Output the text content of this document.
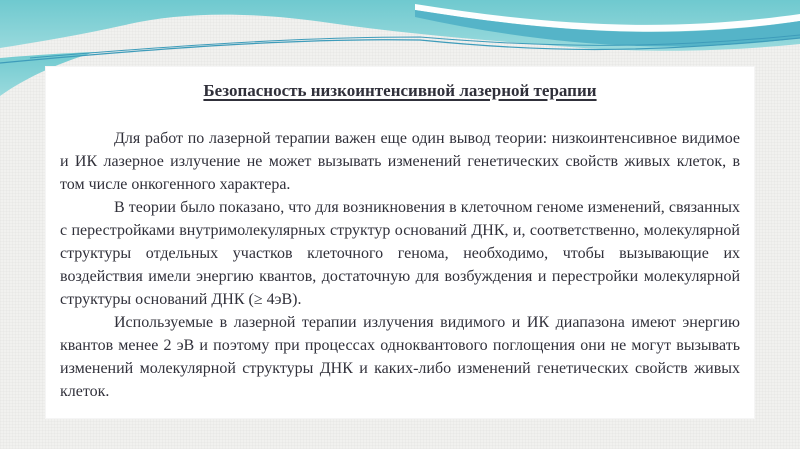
Безопасность низкоинтенсивной лазерной терапии

Для работ по лазерной терапии важен еще один вывод теории: низкоинтенсивное видимое и ИК лазерное излучение не может вызывать изменений генетических свойств живых клеток, в том числе онкогенного характера.

В теории было показано, что для возникновения в клеточном геноме изменений, связанных с перестройками внутримолекулярных структур оснований ДНК, и, соответственно, молекулярной структуры отдельных участков клеточного генома, необходимо, чтобы вызывающие их воздействия имели энергию квантов, достаточную для возбуждения и перестройки молекулярной структуры оснований ДНК (≥ 4эВ).

Используемые в лазерной терапии излучения видимого и ИК диапазона имеют энергию квантов менее 2 эВ и поэтому при процессах одноквантового поглощения они не могут вызывать изменений молекулярной структуры ДНК и каких-либо изменений генетических свойств живых клеток.
